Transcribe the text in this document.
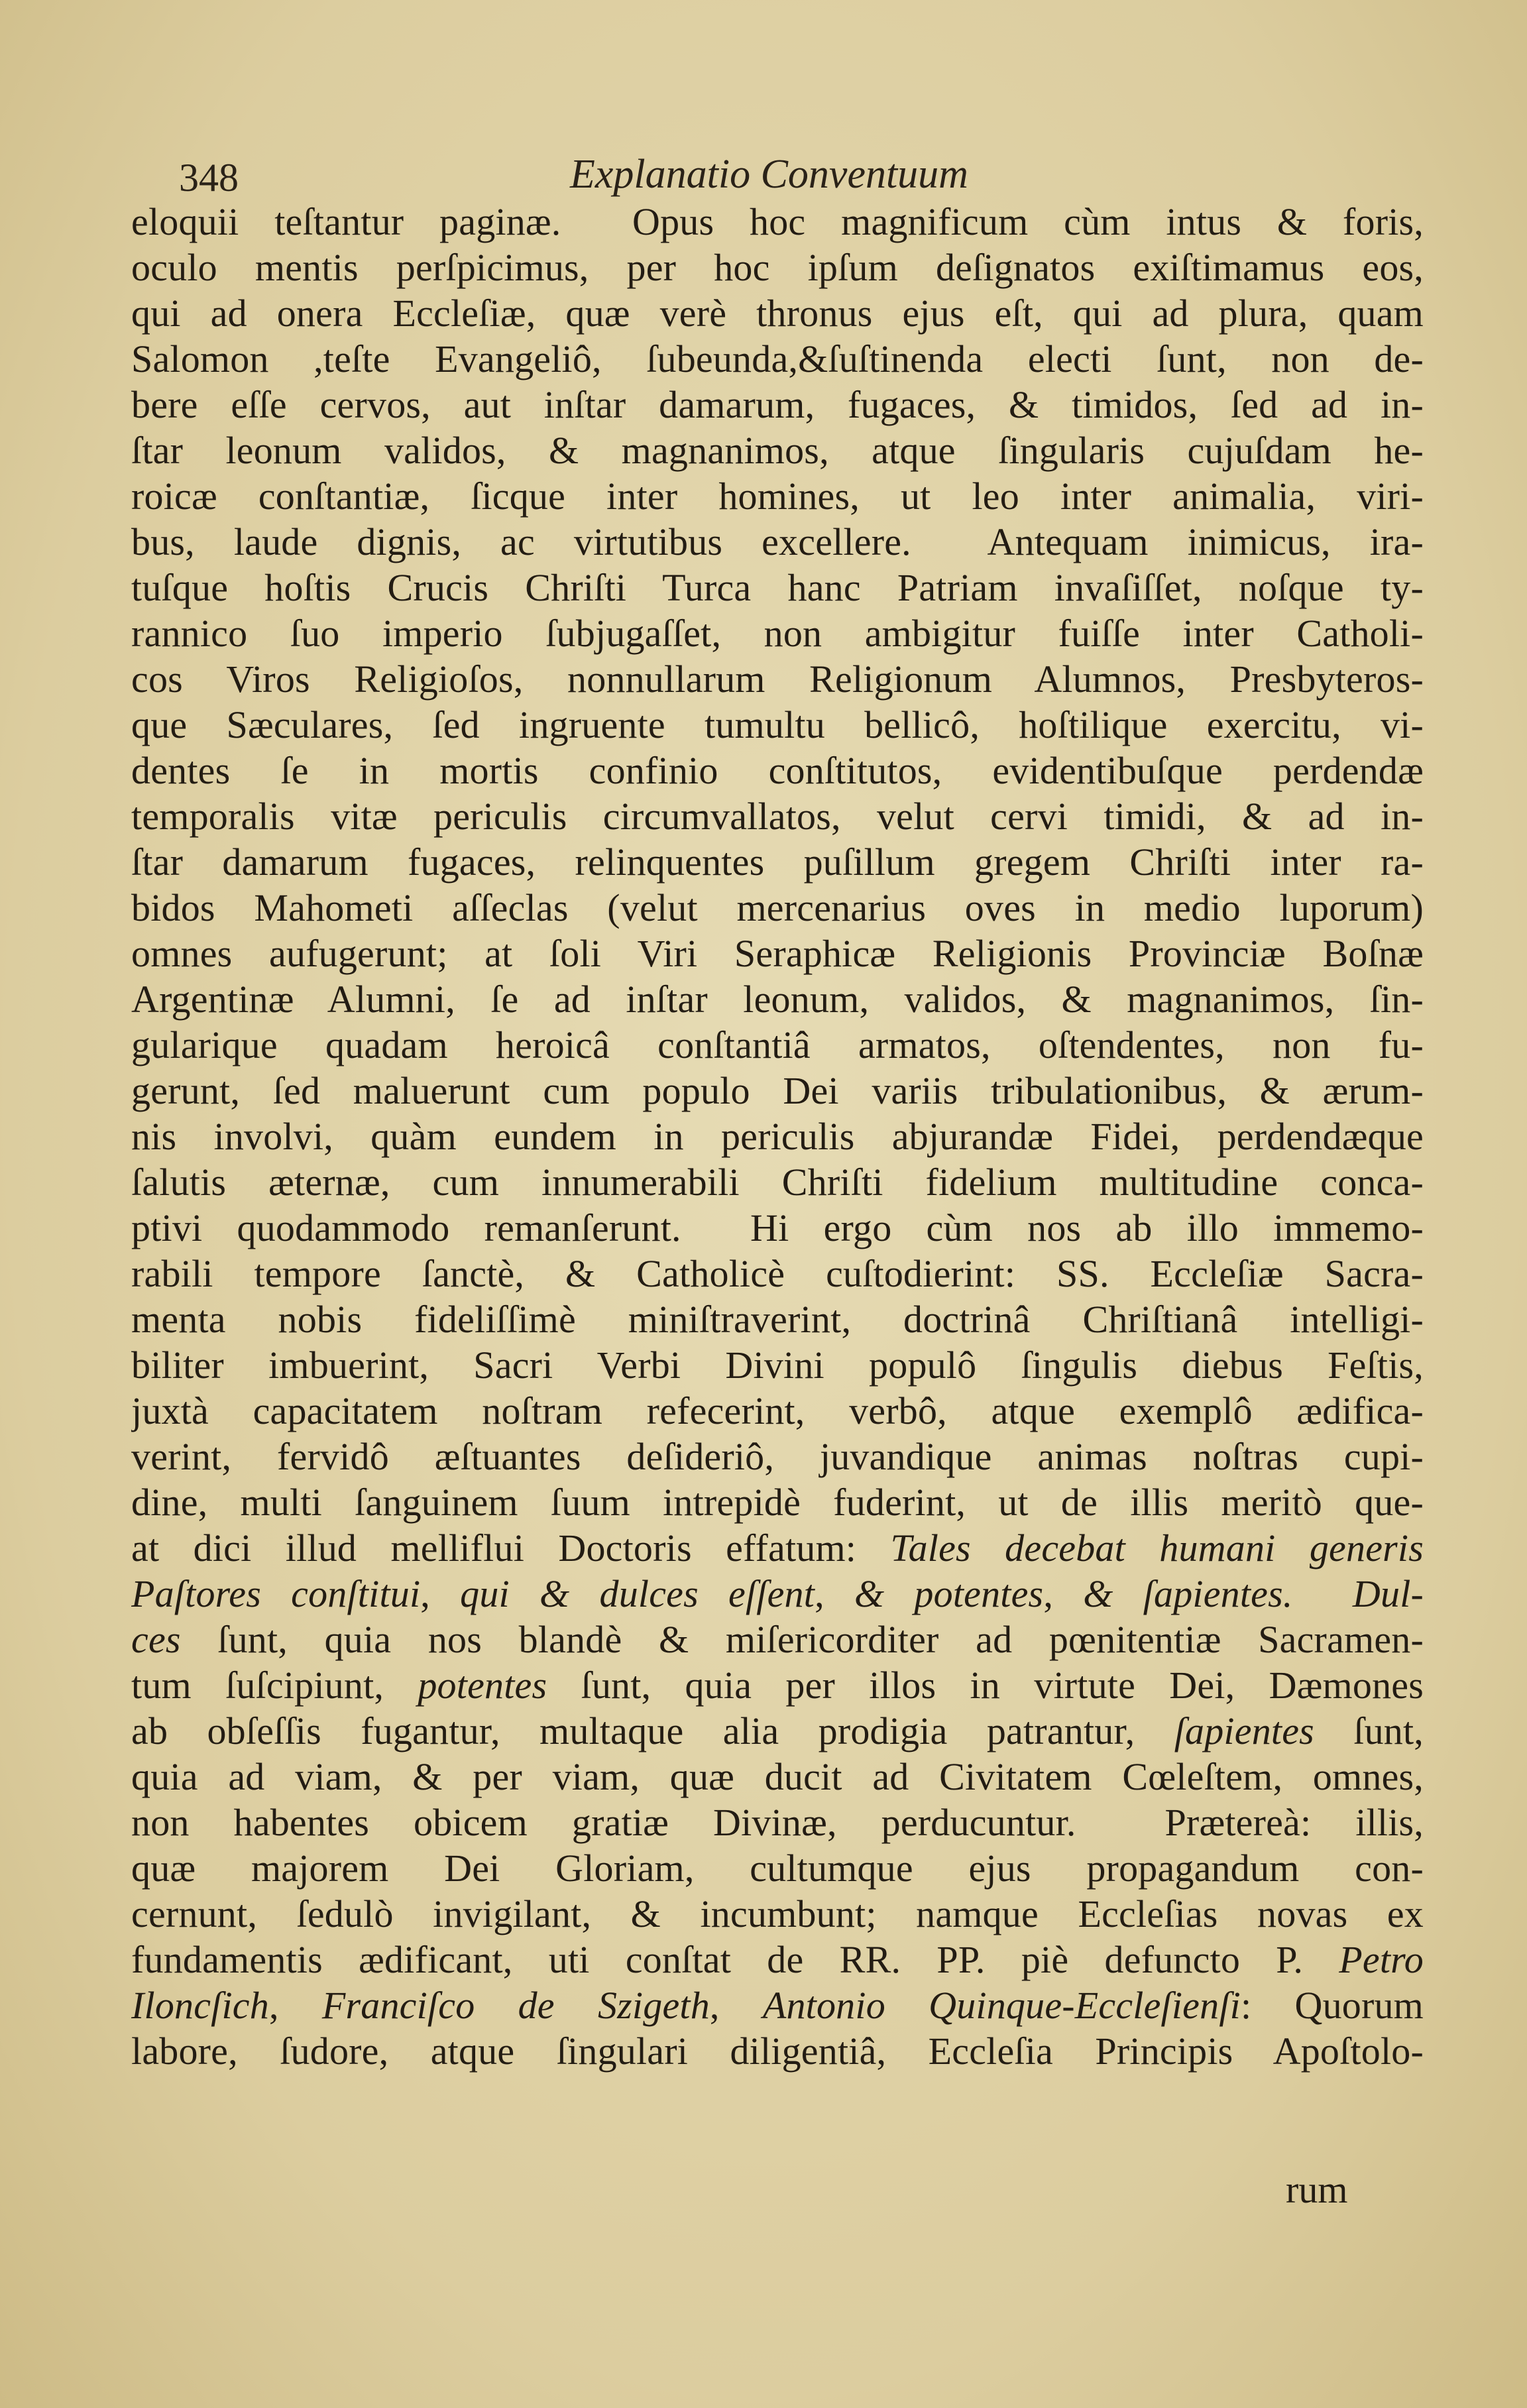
348	Explanatio Conventuum
eloquii teſtantur paginæ.  Opus hoc magnificum cùm intus & foris,
oculo mentis perſpicimus, per hoc ipſum deſignatos exiſtimamus eos,
qui ad onera Eccleſiæ, quæ verè thronus ejus eſt, qui ad plura, quam
Salomon ,teſte Evangeliô, ſubeunda,&ſuſtinenda electi ſunt, non de-
bere eſſe cervos, aut inſtar damarum, fugaces, & timidos, ſed ad in-
ſtar leonum validos, & magnanimos, atque ſingularis cujuſdam he-
roicæ conſtantiæ, ſicque inter homines, ut leo inter animalia, viri-
bus, laude dignis, ac virtutibus excellere.  Antequam inimicus, ira-
tuſque hoſtis Crucis Chriſti Turca hanc Patriam invaſiſſet, noſque ty-
rannico ſuo imperio ſubjugaſſet, non ambigitur fuiſſe inter Catholi-
cos Viros Religioſos, nonnullarum Religionum Alumnos, Presbyteros-
que Sæculares, ſed ingruente tumultu bellicô, hoſtilique exercitu, vi-
dentes ſe in mortis confinio conſtitutos, evidentibuſque perdendæ
temporalis vitæ periculis circumvallatos, velut cervi timidi, & ad in-
ſtar damarum fugaces, relinquentes puſillum gregem Chriſti inter ra-
bidos Mahometi aſſeclas (velut mercenarius oves in medio luporum)
omnes aufugerunt; at ſoli Viri Seraphicæ Religionis Provinciæ Boſnæ
Argentinæ Alumni, ſe ad inſtar leonum, validos, & magnanimos, ſin-
gularique quadam heroicâ conſtantiâ armatos, oſtendentes, non fu-
gerunt, ſed maluerunt cum populo Dei variis tribulationibus, & ærum-
nis involvi, quàm eundem in periculis abjurandæ Fidei, perdendæque
ſalutis æternæ, cum innumerabili Chriſti fidelium multitudine conca-
ptivi quodammodo remanſerunt.  Hi ergo cùm nos ab illo immemo-
rabili tempore ſanctè, & Catholicè cuſtodierint: SS. Eccleſiæ Sacra-
menta nobis fideliſſimè miniſtraverint, doctrinâ Chriſtianâ intelligi-
biliter imbuerint, Sacri Verbi Divini populô ſingulis diebus Feſtis,
juxtà capacitatem noſtram refecerint, verbô, atque exemplô ædifica-
verint, fervidô æſtuantes deſideriô, juvandique animas noſtras cupi-
dine, multi ſanguinem ſuum intrepidè fuderint, ut de illis meritò que-
at dici illud melliflui Doctoris effatum: Tales decebat humani generis
Paſtores conſtitui, qui & dulces eſſent, & potentes, & ſapientes.  Dul-
ces ſunt, quia nos blandè & miſericorditer ad pœnitentiæ Sacramen-
tum ſuſcipiunt, potentes ſunt, quia per illos in virtute Dei, Dæmones
ab obſeſſis fugantur, multaque alia prodigia patrantur, ſapientes ſunt,
quia ad viam, & per viam, quæ ducit ad Civitatem Cœleſtem, omnes,
non habentes obicem gratiæ Divinæ, perducuntur.  Prætereà: illis,
quæ majorem Dei Gloriam, cultumque ejus propagandum con-
cernunt, ſedulò invigilant, & incumbunt; namque Eccleſias novas ex
fundamentis ædificant, uti conſtat de RR. PP. piè defuncto P. Petro
Iloncſich, Franciſco de Szigeth, Antonio Quinque-Eccleſienſi: Quorum
labore, ſudore, atque ſingulari diligentiâ, Eccleſia Principis Apoſtolo-
rum
